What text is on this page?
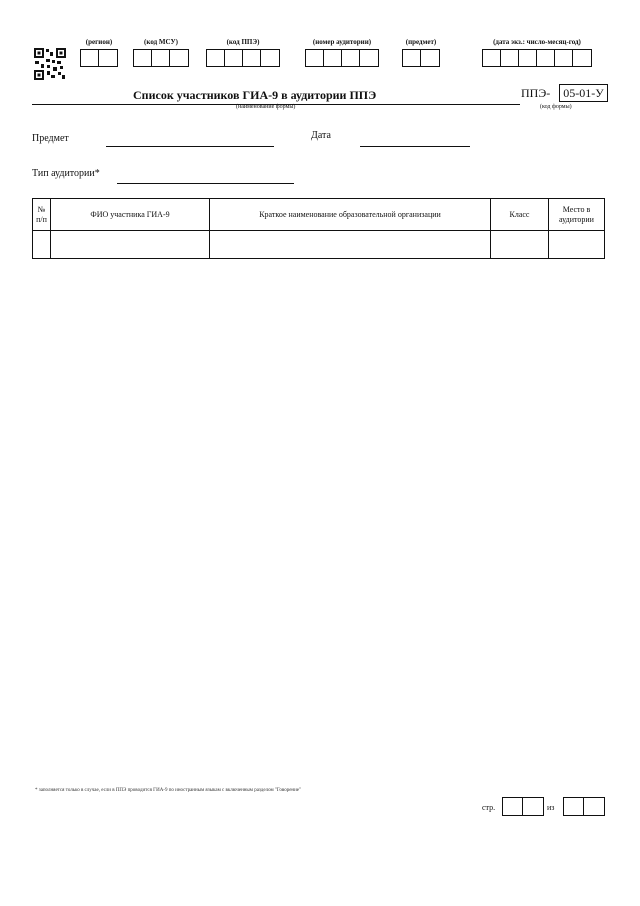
(регион)	(код МСУ)	(код ППЭ)	(номер аудитории)	(предмет)	(дата экз.: число-месяц-год)
Список участников ГИА-9 в аудитории ППЭ	ППЭ-	05-01-У
(наименование формы)	(код формы)
Предмет	Дата
Тип аудитории*
№
п/п	ФИО участника ГИА-9	Краткое наименование образовательной организации	Класс	Место в
аудитории

* заполняется только в случае, если в ППЭ проводится ГИА-9 по иностранным языкам с включенным разделом "Говорение"
стр.	из
